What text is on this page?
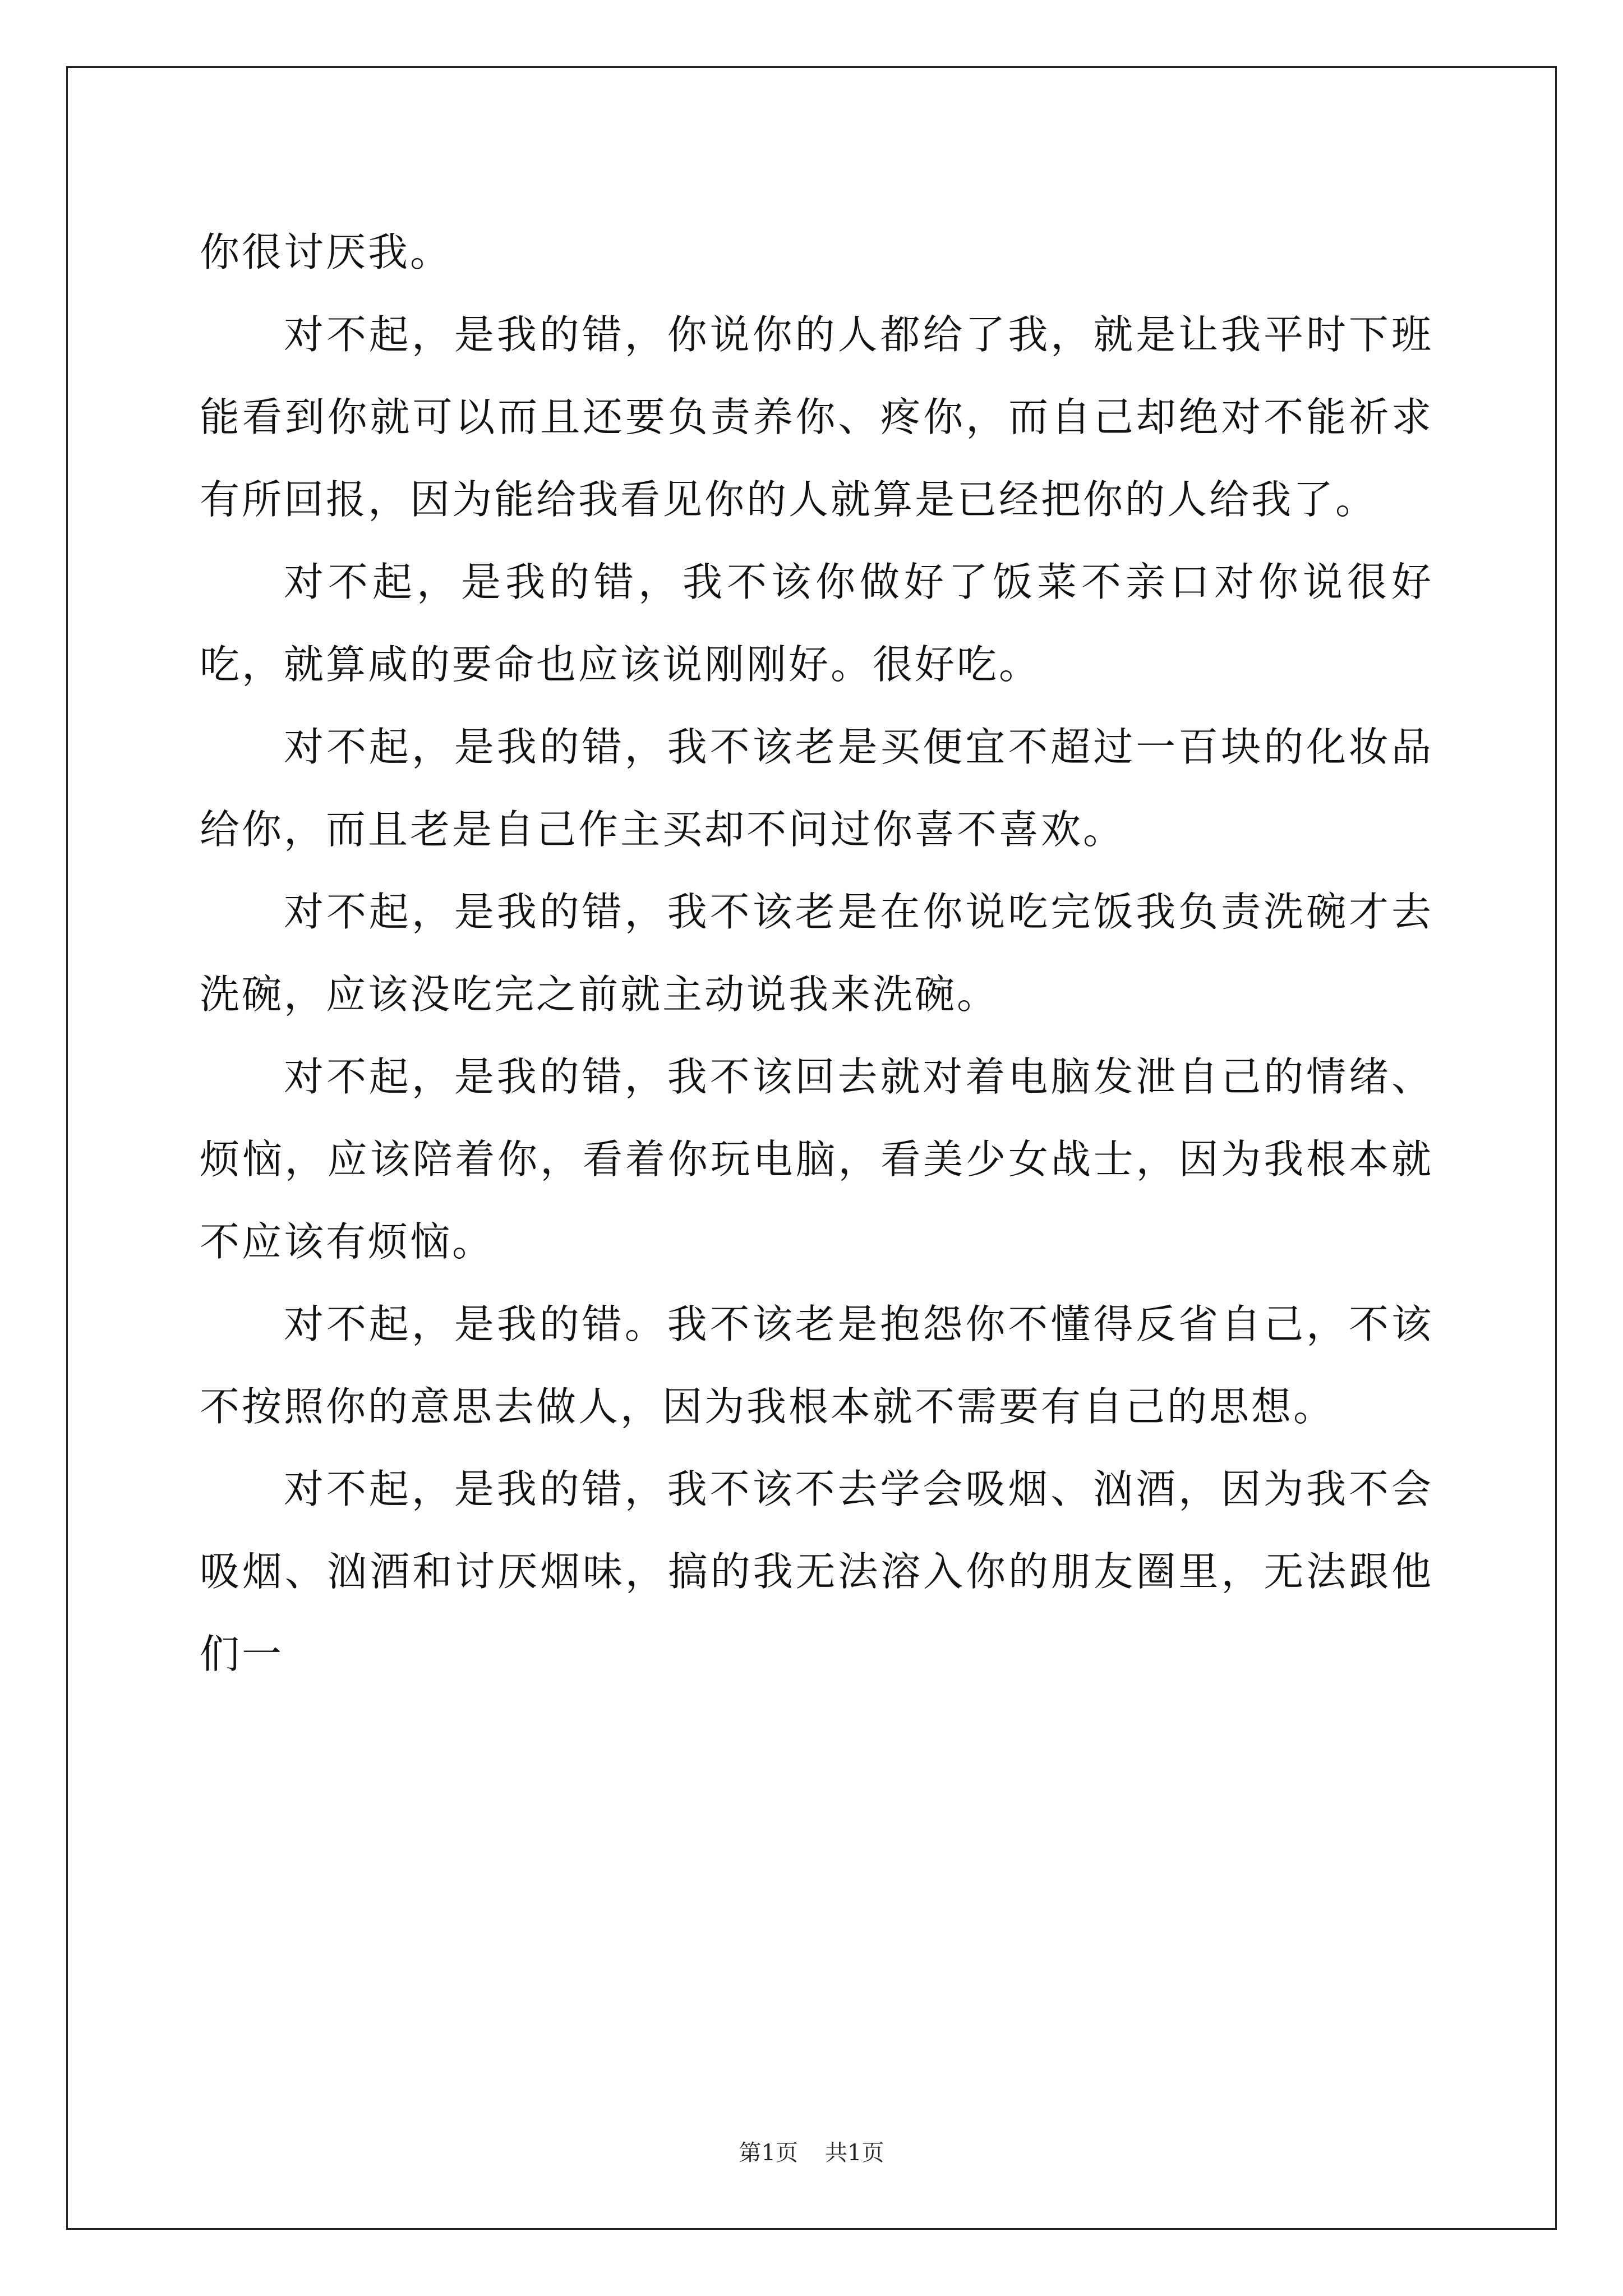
你很讨厌我。

对不起，是我的错，你说你的人都给了我，就是让我平时下班能看到你就可以而且还要负责养你、疼你，而自己却绝对不能祈求有所回报，因为能给我看见你的人就算是已经把你的人给我了。

对不起，是我的错，我不该你做好了饭菜不亲口对你说很好吃，就算咸的要命也应该说刚刚好。很好吃。

对不起，是我的错，我不该老是买便宜不超过一百块的化妆品给你，而且老是自己作主买却不问过你喜不喜欢。

对不起，是我的错，我不该老是在你说吃完饭我负责洗碗才去洗碗，应该没吃完之前就主动说我来洗碗。

对不起，是我的错，我不该回去就对着电脑发泄自己的情绪、烦恼，应该陪着你，看着你玩电脑，看美少女战士，因为我根本就不应该有烦恼。

对不起，是我的错。我不该老是抱怨你不懂得反省自己，不该不按照你的意思去做人，因为我根本就不需要有自己的思想。

对不起，是我的错，我不该不去学会吸烟、汹酒，因为我不会吸烟、汹酒和讨厌烟味，搞的我无法溶入你的朋友圈里，无法跟他们一

第1页 共1页
